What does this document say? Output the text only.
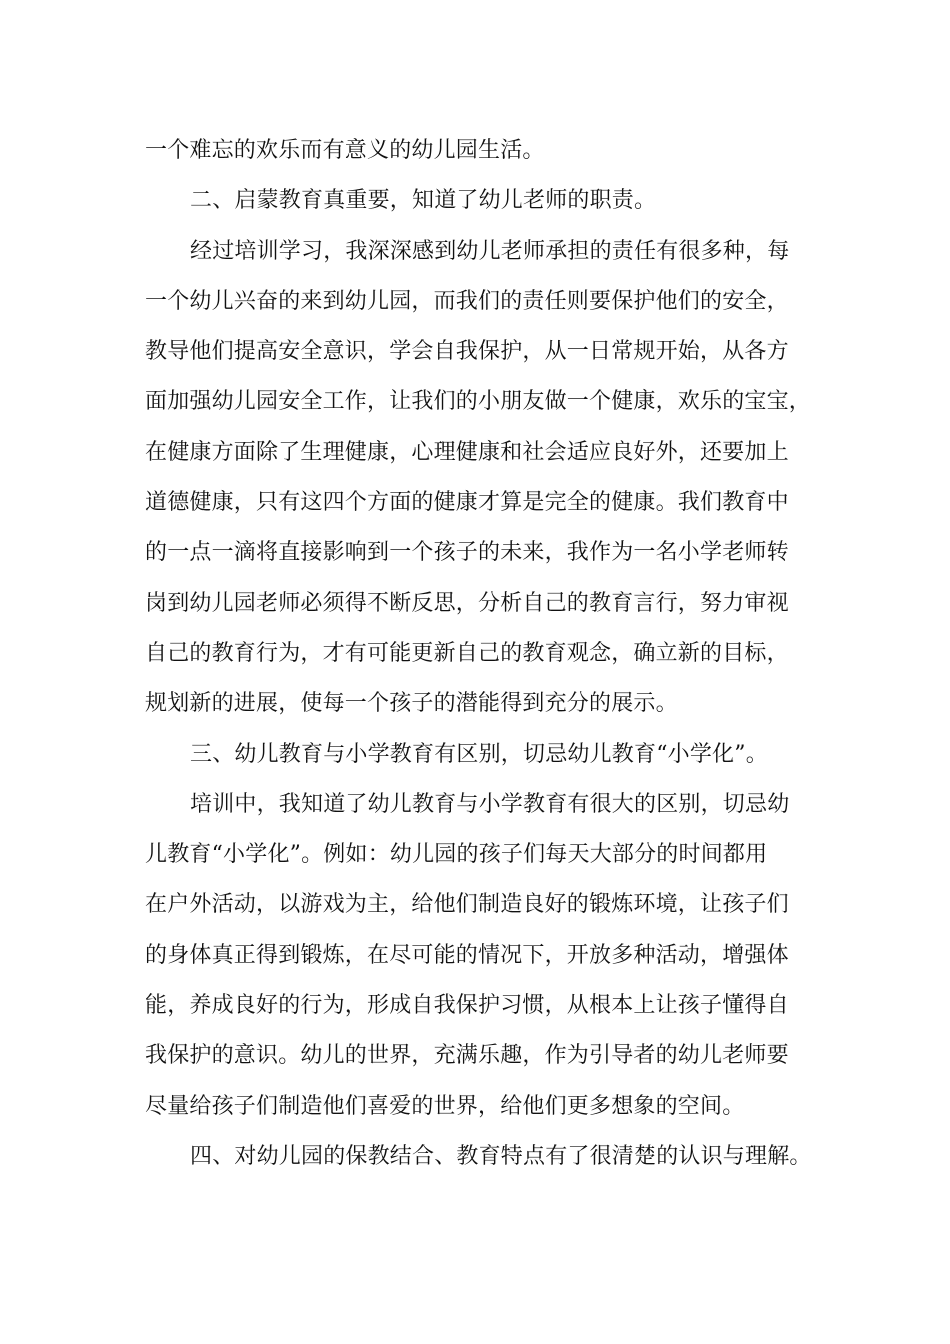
一个难忘的欢乐而有意义的幼儿园生活。
二、启蒙教育真重要，知道了幼儿老师的职责。
经过培训学习，我深深感到幼儿老师承担的责任有很多种，每
一个幼儿兴奋的来到幼儿园，而我们的责任则要保护他们的安全，
教导他们提高安全意识，学会自我保护，从一日常规开始，从各方
面加强幼儿园安全工作，让我们的小朋友做一个健康，欢乐的宝宝，
在健康方面除了生理健康，心理健康和社会适应良好外，还要加上
道德健康，只有这四个方面的健康才算是完全的健康。我们教育中
的一点一滴将直接影响到一个孩子的未来，我作为一名小学老师转
岗到幼儿园老师必须得不断反思，分析自己的教育言行，努力审视
自己的教育行为，才有可能更新自己的教育观念，确立新的目标，
规划新的进展，使每一个孩子的潜能得到充分的展示。
三、幼儿教育与小学教育有区别，切忌幼儿教育“小学化”。
培训中，我知道了幼儿教育与小学教育有很大的区别，切忌幼
儿教育“小学化”。例如：幼儿园的孩子们每天大部分的时间都用
在户外活动，以游戏为主，给他们制造良好的锻炼环境，让孩子们
的身体真正得到锻炼，在尽可能的情况下，开放多种活动，增强体
能，养成良好的行为，形成自我保护习惯，从根本上让孩子懂得自
我保护的意识。幼儿的世界，充满乐趣，作为引导者的幼儿老师要
尽量给孩子们制造他们喜爱的世界，给他们更多想象的空间。
四、对幼儿园的保教结合、教育特点有了很清楚的认识与理解。
